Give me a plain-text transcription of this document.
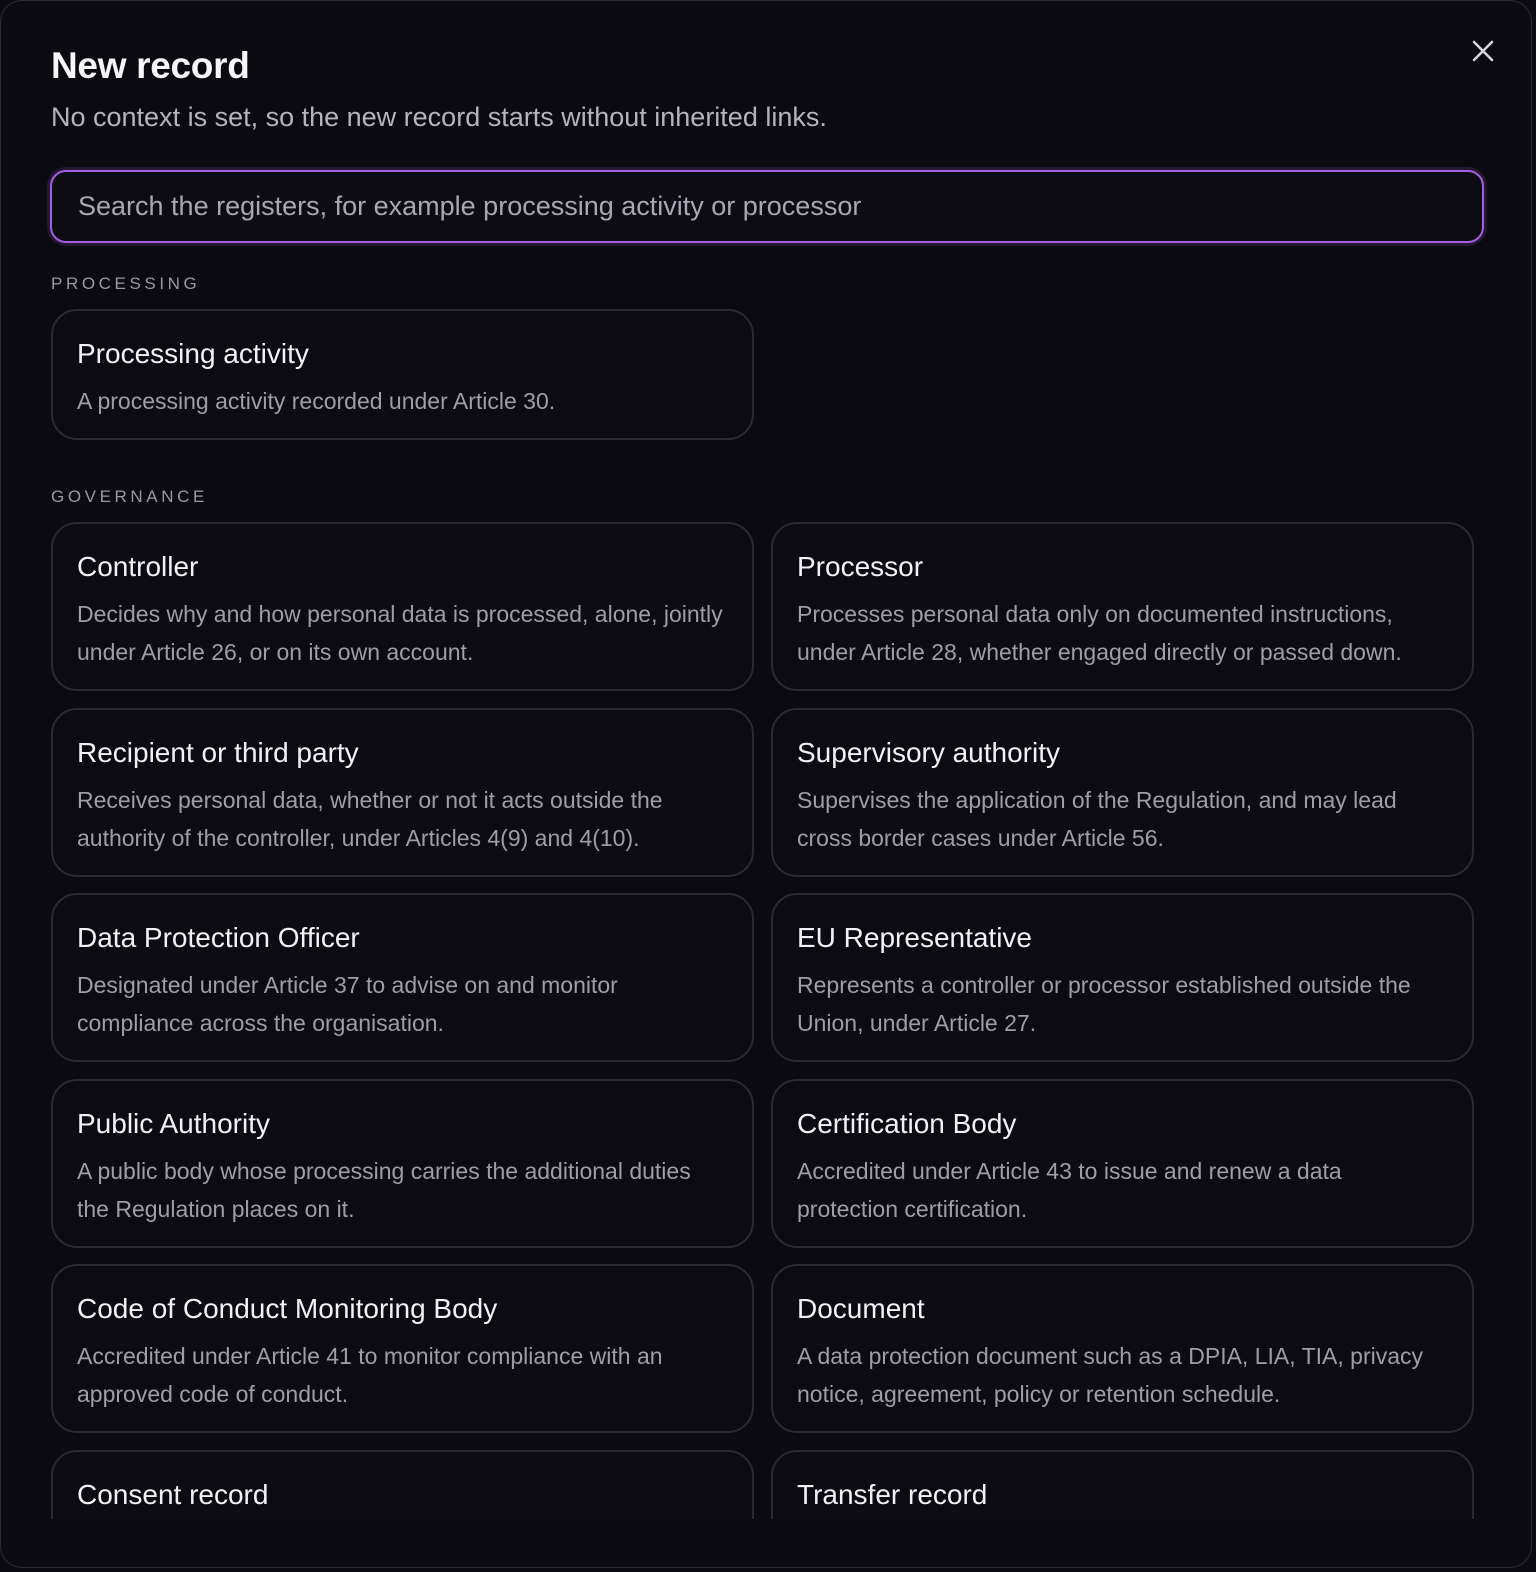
New record
No context is set, so the new record starts without inherited links.
Search the registers, for example processing activity or processor
PROCESSING
Processing activity
A processing activity recorded under Article 30.
GOVERNANCE
Controller
Decides why and how personal data is processed, alone, jointly under Article 26, or on its own account.
Processor
Processes personal data only on documented instructions, under Article 28, whether engaged directly or passed down.
Recipient or third party
Receives personal data, whether or not it acts outside the authority of the controller, under Articles 4(9) and 4(10).
Supervisory authority
Supervises the application of the Regulation, and may lead cross border cases under Article 56.
Data Protection Officer
Designated under Article 37 to advise on and monitor compliance across the organisation.
EU Representative
Represents a controller or processor established outside the Union, under Article 27.
Public Authority
A public body whose processing carries the additional duties the Regulation places on it.
Certification Body
Accredited under Article 43 to issue and renew a data protection certification.
Code of Conduct Monitoring Body
Accredited under Article 41 to monitor compliance with an approved code of conduct.
Document
A data protection document such as a DPIA, LIA, TIA, privacy notice, agreement, policy or retention schedule.
Consent record	Transfer record
